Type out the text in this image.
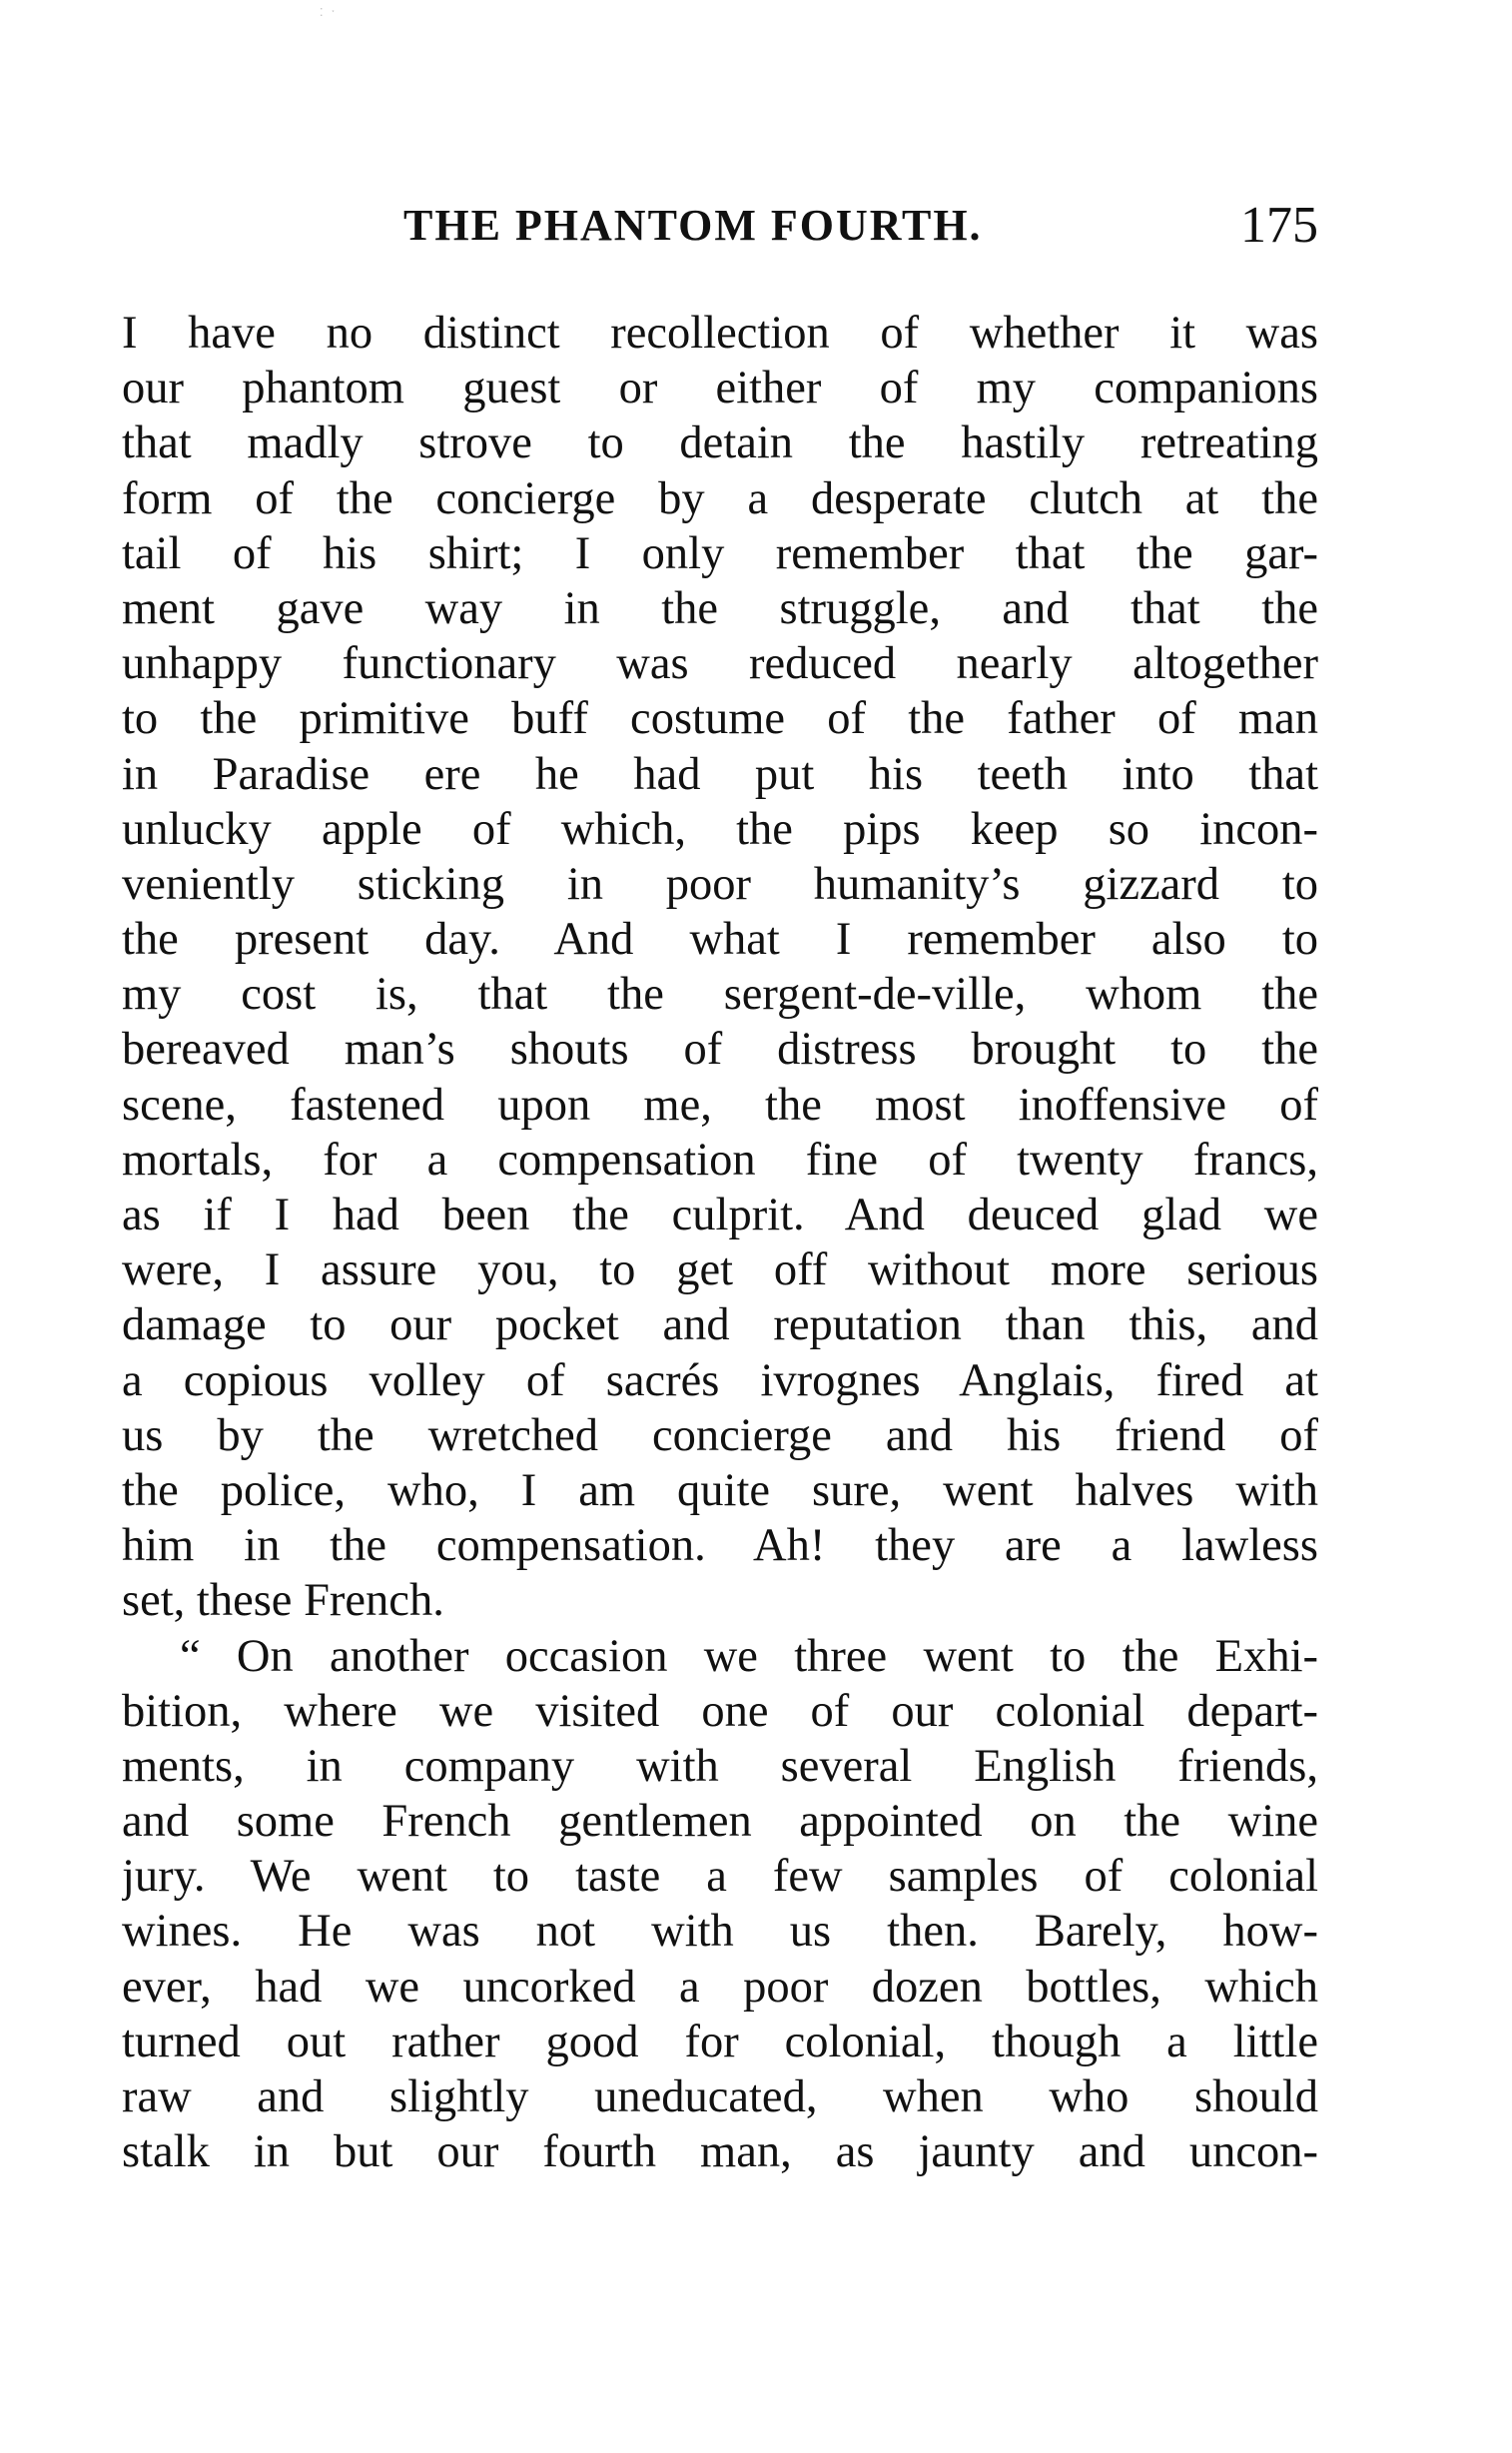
⁚ ˑ
THE PHANTOM FOURTH.	175
I have no distinct recollection of whether it was
our phantom guest or either of my companions
that madly strove to detain the hastily retreating
form of the concierge by a desperate clutch at the
tail of his shirt; I only remember that the gar-
ment gave way in the struggle, and that the
unhappy functionary was reduced nearly altogether
to the primitive buff costume of the father of man
in Paradise ere he had put his teeth into that
unlucky apple of which, the pips keep so incon-
veniently sticking in poor humanity’s gizzard to
the present day. And what I remember also to
my cost is, that the sergent-de-ville, whom the
bereaved man’s shouts of distress brought to the
scene, fastened upon me, the most inoffensive of
mortals, for a compensation fine of twenty francs,
as if I had been the culprit. And deuced glad we
were, I assure you, to get off without more serious
damage to our pocket and reputation than this, and
a copious volley of sacrés ivrognes Anglais, fired at
us by the wretched concierge and his friend of
the police, who, I am quite sure, went halves with
him in the compensation. Ah! they are a lawless
set, these French.
“ On another occasion we three went to the Exhi-
bition, where we visited one of our colonial depart-
ments, in company with several English friends,
and some French gentlemen appointed on the wine
jury. We went to taste a few samples of colonial
wines. He was not with us then. Barely, how-
ever, had we uncorked a poor dozen bottles, which
turned out rather good for colonial, though a little
raw and slightly uneducated, when who should
stalk in but our fourth man, as jaunty and uncon-
